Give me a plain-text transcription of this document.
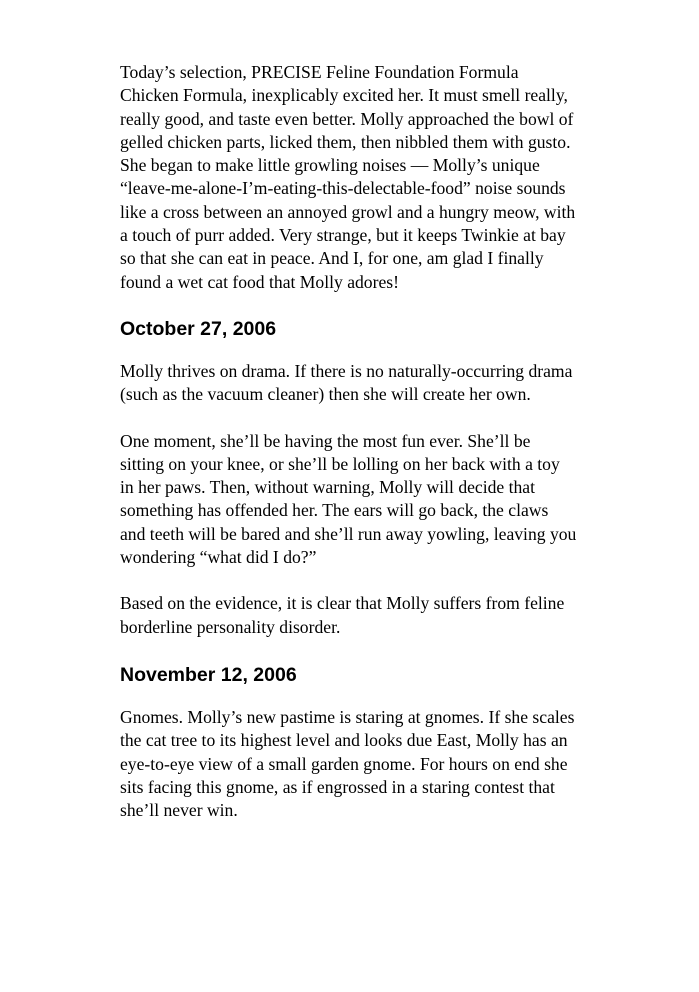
Today’s selection, PRECISE Feline Foundation Formula
Chicken Formula, inexplicably excited her. It must smell really,
really good, and taste even better. Molly approached the bowl of
gelled chicken parts, licked them, then nibbled them with gusto.
She began to make little growling noises — Molly’s unique
“leave-me-alone-I’m-eating-this-delectable-food” noise sounds
like a cross between an annoyed growl and a hungry meow, with
a touch of purr added. Very strange, but it keeps Twinkie at bay
so that she can eat in peace. And I, for one, am glad I finally
found a wet cat food that Molly adores!

October 27, 2006

Molly thrives on drama. If there is no naturally-occurring drama
(such as the vacuum cleaner) then she will create her own.

One moment, she’ll be having the most fun ever. She’ll be
sitting on your knee, or she’ll be lolling on her back with a toy
in her paws. Then, without warning, Molly will decide that
something has offended her. The ears will go back, the claws
and teeth will be bared and she’ll run away yowling, leaving you
wondering “what did I do?”

Based on the evidence, it is clear that Molly suffers from feline
borderline personality disorder.

November 12, 2006

Gnomes. Molly’s new pastime is staring at gnomes. If she scales
the cat tree to its highest level and looks due East, Molly has an
eye-to-eye view of a small garden gnome. For hours on end she
sits facing this gnome, as if engrossed in a staring contest that
she’ll never win.
